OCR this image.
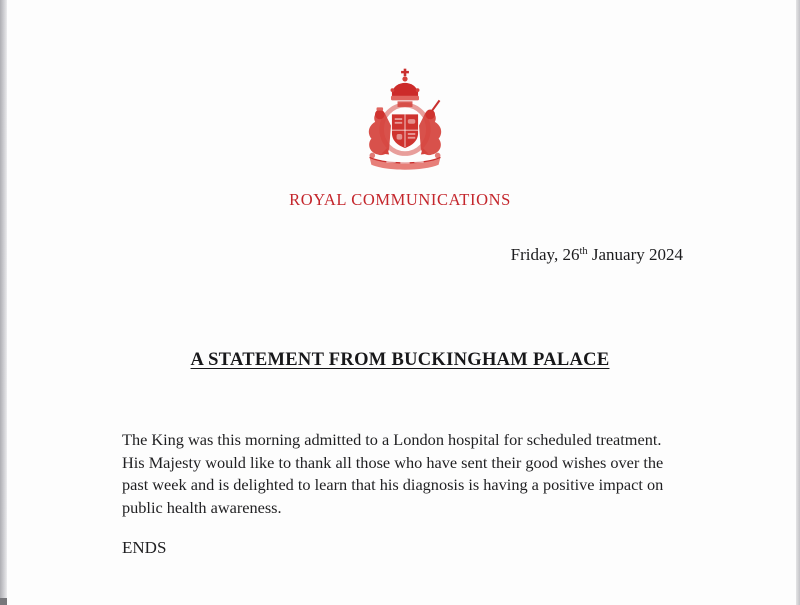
ROYAL COMMUNICATIONS
Friday, 26th January 2024
A STATEMENT FROM BUCKINGHAM PALACE
The King was this morning admitted to a London hospital for scheduled treatment.
His Majesty would like to thank all those who have sent their good wishes over the
past week and is delighted to learn that his diagnosis is having a positive impact on
public health awareness.
ENDS
